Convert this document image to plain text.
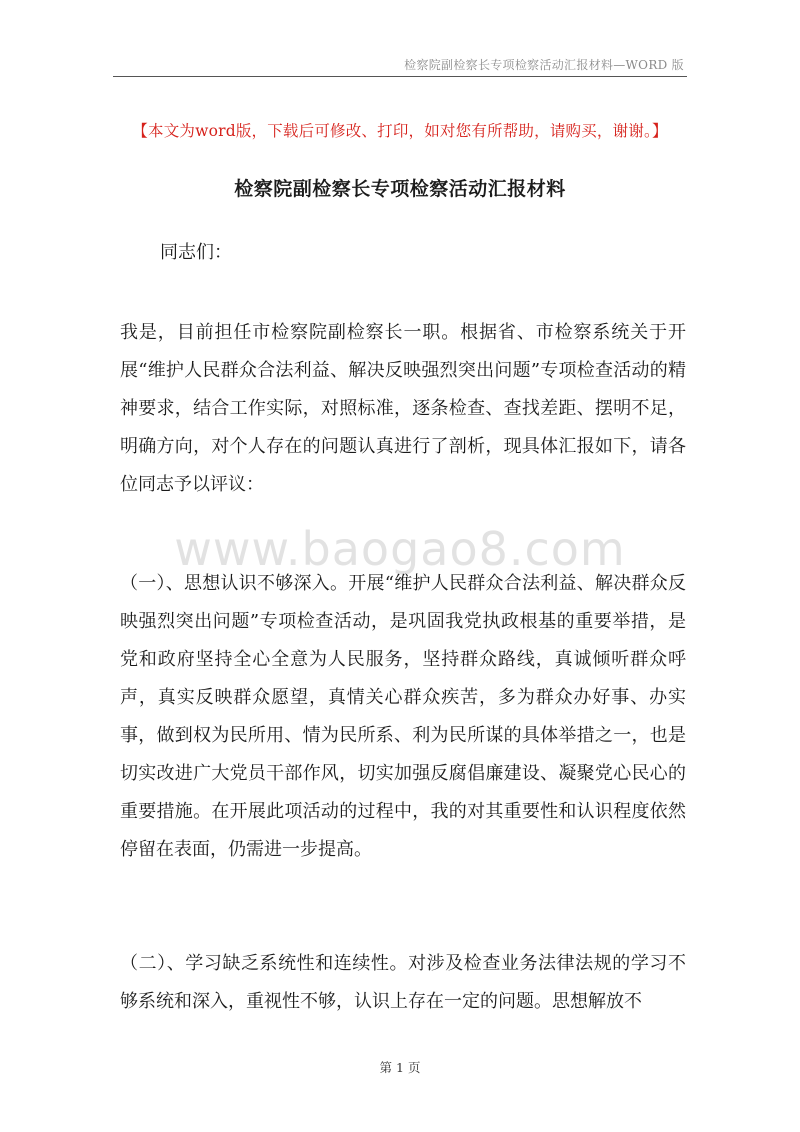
检察院副检察长专项检察活动汇报材料—WORD 版
【本文为word版，下载后可修改、打印，如对您有所帮助，请购买，谢谢。】
检察院副检察长专项检察活动汇报材料
同志们：

我是，目前担任市检察院副检察长一职。根据省、市检察系统关于开展“维护人民群众合法利益、解决反映强烈突出问题”专项检查活动的精神要求，结合工作实际，对照标准，逐条检查、查找差距、摆明不足，明确方向，对个人存在的问题认真进行了剖析，现具体汇报如下，请各位同志予以评议：

www.baogao8.com

（一）、思想认识不够深入。开展“维护人民群众合法利益、解决群众反映强烈突出问题”专项检查活动，是巩固我党执政根基的重要举措，是党和政府坚持全心全意为人民服务，坚持群众路线，真诚倾听群众呼声，真实反映群众愿望，真情关心群众疾苦，多为群众办好事、办实事，做到权为民所用、情为民所系、利为民所谋的具体举措之一，也是切实改进广大党员干部作风，切实加强反腐倡廉建设、凝聚党心民心的重要措施。在开展此项活动的过程中，我的对其重要性和认识程度依然停留在表面，仍需进一步提高。

（二）、学习缺乏系统性和连续性。对涉及检查业务法律法规的学习不够系统和深入，重视性不够，认识上存在一定的问题。思想解放不

第 1 页
